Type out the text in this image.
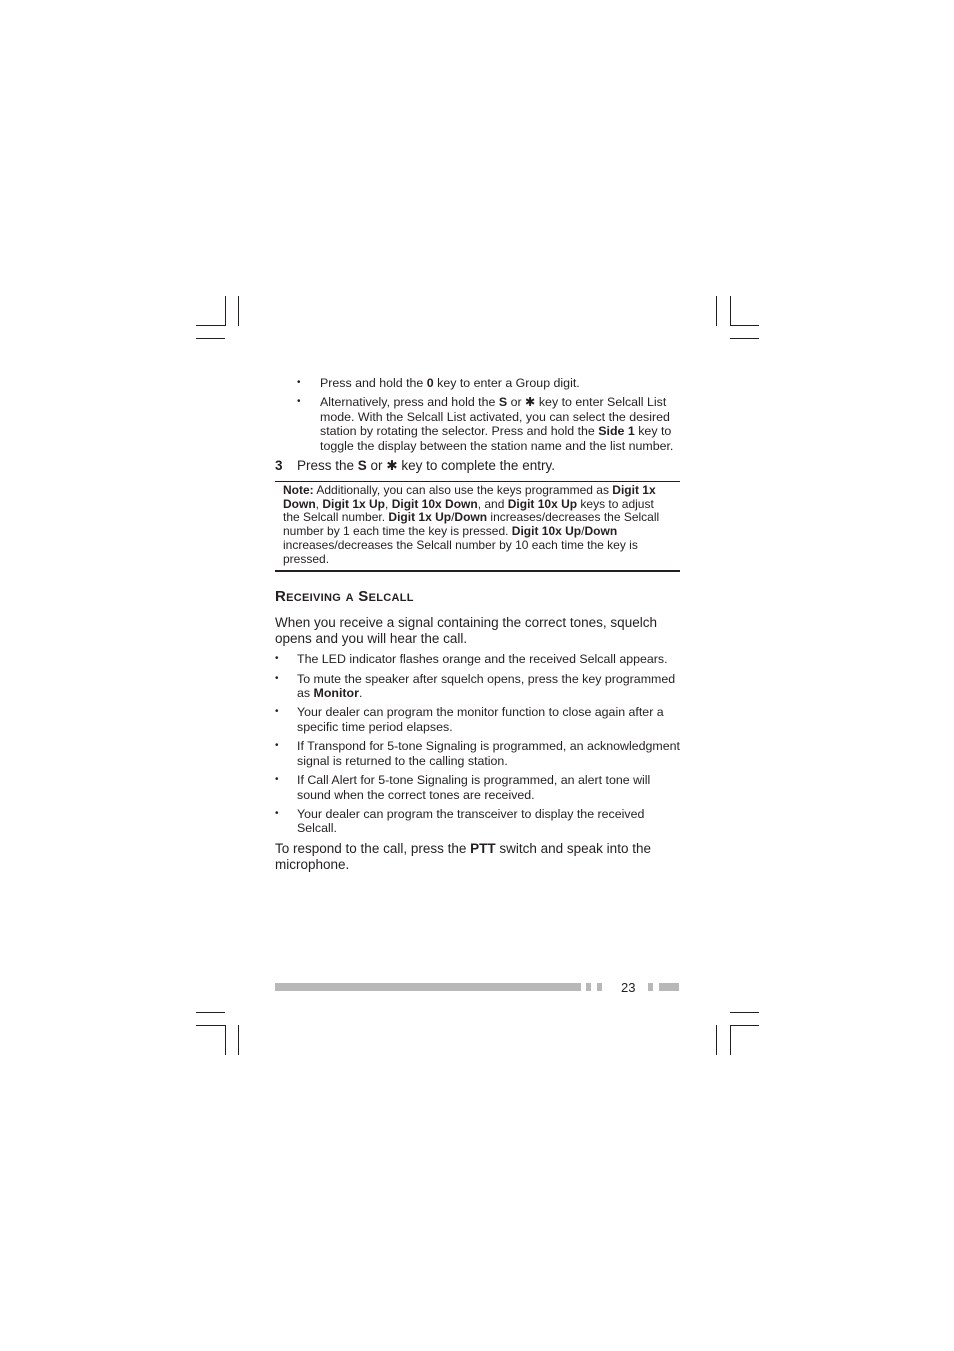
• Press and hold the 0 key to enter a Group digit.
• Alternatively, press and hold the S or ✱ key to enter Selcall List mode. With the Selcall List activated, you can select the desired station by rotating the selector. Press and hold the Side 1 key to toggle the display between the station name and the list number.
3 Press the S or ✱ key to complete the entry.
Note: Additionally, you can also use the keys programmed as Digit 1x Down, Digit 1x Up, Digit 10x Down, and Digit 10x Up keys to adjust the Selcall number. Digit 1x Up/Down increases/decreases the Selcall number by 1 each time the key is pressed. Digit 10x Up/Down increases/decreases the Selcall number by 10 each time the key is pressed.
Receiving a Selcall

When you receive a signal containing the correct tones, squelch opens and you will hear the call.

• The LED indicator flashes orange and the received Selcall appears.
• To mute the speaker after squelch opens, press the key programmed as Monitor.
• Your dealer can program the monitor function to close again after a specific time period elapses.
• If Transpond for 5-tone Signaling is programmed, an acknowledgment signal is returned to the calling station.
• If Call Alert for 5-tone Signaling is programmed, an alert tone will sound when the correct tones are received.
• Your dealer can program the transceiver to display the received Selcall.

To respond to the call, press the PTT switch and speak into the microphone.

23
